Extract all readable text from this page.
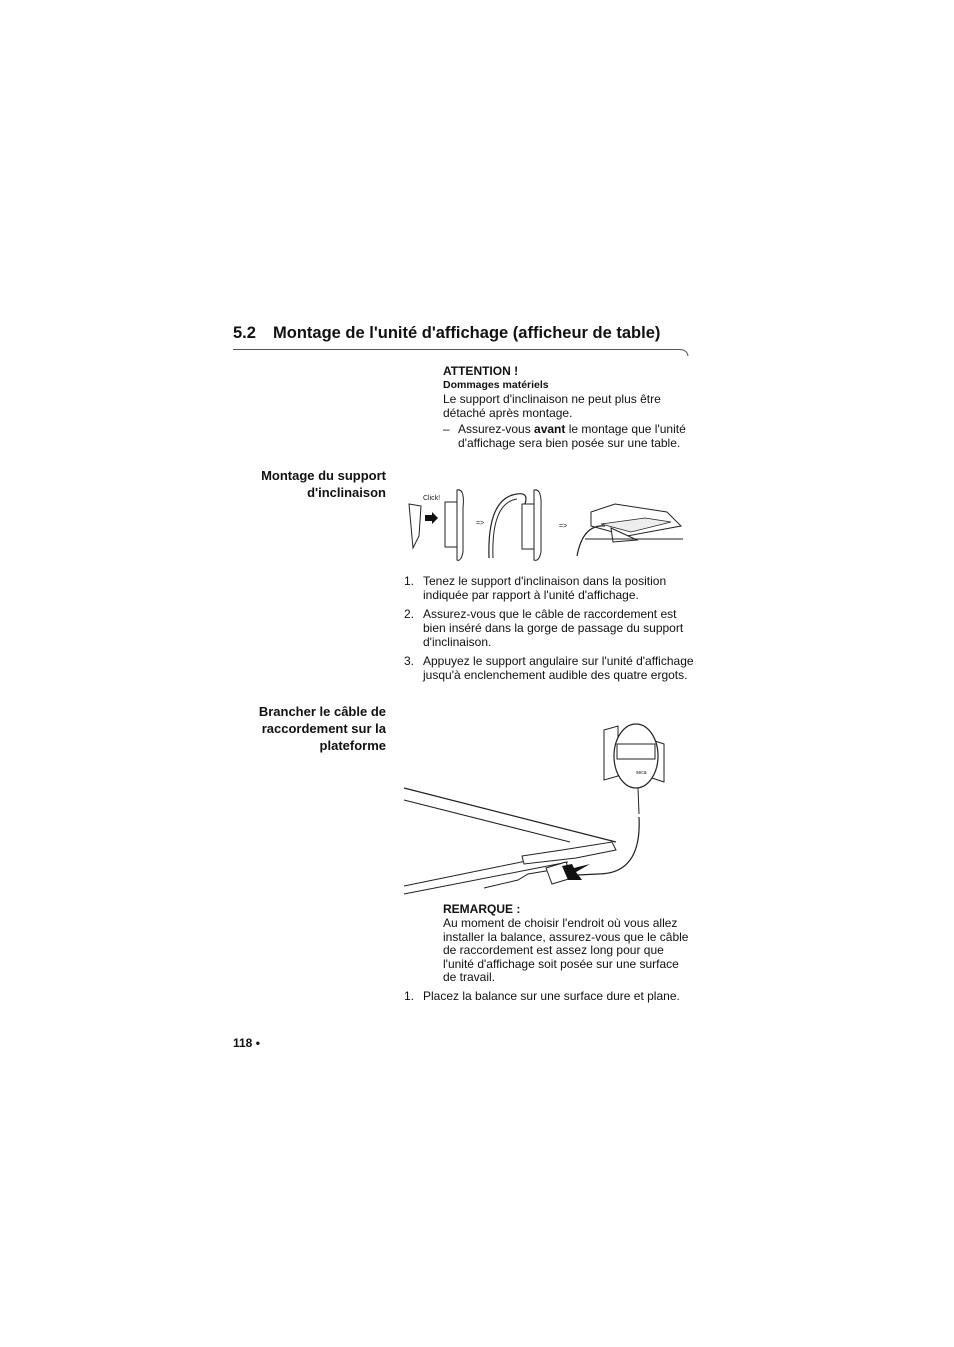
5.2 Montage de l'unité d'affichage (afficheur de table)
ATTENTION !
Dommages matériels
Le support d'inclinaison ne peut plus être détaché après montage.
– Assurez-vous avant le montage que l'unité d'affichage sera bien posée sur une table.
Montage du support
d'inclinaison	Click!
=>	=>
1. Tenez le support d'inclinaison dans la position indiquée par rapport à l'unité d'affichage.
2. Assurez-vous que le câble de raccordement est bien inséré dans la gorge de passage du support d'inclinaison.
3. Appuyez le support angulaire sur l'unité d'affichage jusqu'à enclenchement audible des quatre ergots.
Brancher le câble de
raccordement sur la
plateforme
seca
REMARQUE :
Au moment de choisir l'endroit où vous allez installer la balance, assurez-vous que le câble de raccordement est assez long pour que l'unité d'affichage soit posée sur une surface de travail.
1. Placez la balance sur une surface dure et plane.
118 •
